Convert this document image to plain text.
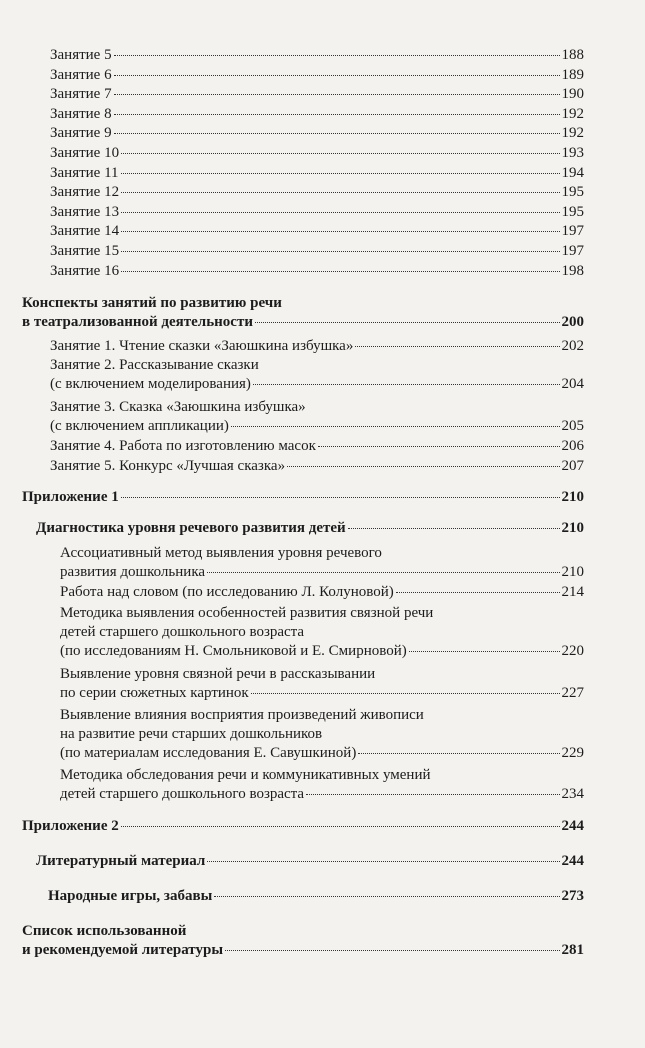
Занятие 5	188
Занятие 6	189
Занятие 7	190
Занятие 8	192
Занятие 9	192
Занятие 10	193
Занятие 11	194
Занятие 12	195
Занятие 13	195
Занятие 14	197
Занятие 15	197
Занятие 16	198
Конспекты занятий по развитию речи
в театрализованной деятельности	200
Занятие 1. Чтение сказки «Заюшкина избушка»	202
Занятие 2. Рассказывание сказки
(с включением моделирования)	204
Занятие 3. Сказка «Заюшкина избушка»
(с включением аппликации)	205
Занятие 4. Работа по изготовлению масок	206
Занятие 5. Конкурс «Лучшая сказка»	207
Приложение 1	210
Диагностика уровня речевого развития детей	210
Ассоциативный метод выявления уровня речевого
развития дошкольника	210
Работа над словом (по исследованию Л. Колуновой)	214
Методика выявления особенностей развития связной речи
детей старшего дошкольного возраста
(по исследованиям Н. Смольниковой и Е. Смирновой)	220
Выявление уровня связной речи в рассказывании
по серии сюжетных картинок	227
Выявление влияния восприятия произведений живописи
на развитие речи старших дошкольников
(по материалам исследования Е. Савушкиной)	229
Методика обследования речи и коммуникативных умений
детей старшего дошкольного возраста	234
Приложение 2	244
Литературный материал	244
Народные игры, забавы	273
Список использованной
и рекомендуемой литературы	281
